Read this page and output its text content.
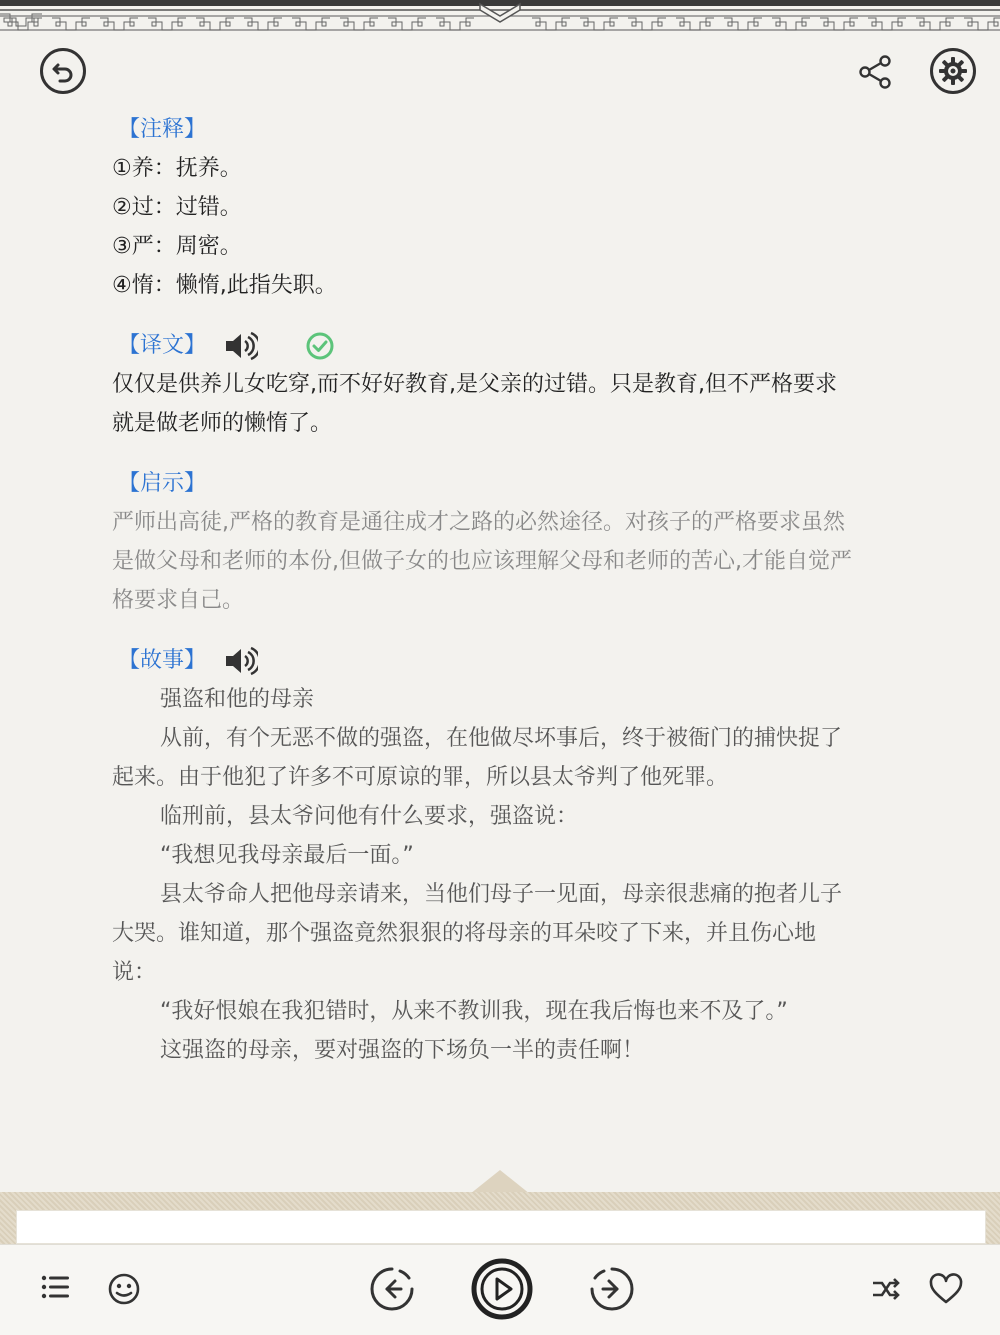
【注释】
①养：抚养。
②过：过错。
③严：周密。
④惰：懒惰,此指失职。
【译文】
仅仅是供养儿女吃穿,而不好好教育,是父亲的过错。只是教育,但不严格要求
就是做老师的懒惰了。
【启示】
严师出高徒,严格的教育是通往成才之路的必然途径。对孩子的严格要求虽然
是做父母和老师的本份,但做子女的也应该理解父母和老师的苦心,才能自觉严
格要求自己。
【故事】
强盗和他的母亲
从前，有个无恶不做的强盗，在他做尽坏事后，终于被衙门的捕快捉了
起来。由于他犯了许多不可原谅的罪，所以县太爷判了他死罪。
临刑前，县太爷问他有什么要求，强盗说：
“我想见我母亲最后一面。”
县太爷命人把他母亲请来，当他们母子一见面，母亲很悲痛的抱者儿子
大哭。谁知道，那个强盗竟然狠狠的将母亲的耳朵咬了下来，并且伤心地
说：
“我好恨娘在我犯错时，从来不教训我，现在我后悔也来不及了。”
这强盗的母亲，要对强盗的下场负一半的责任啊！
